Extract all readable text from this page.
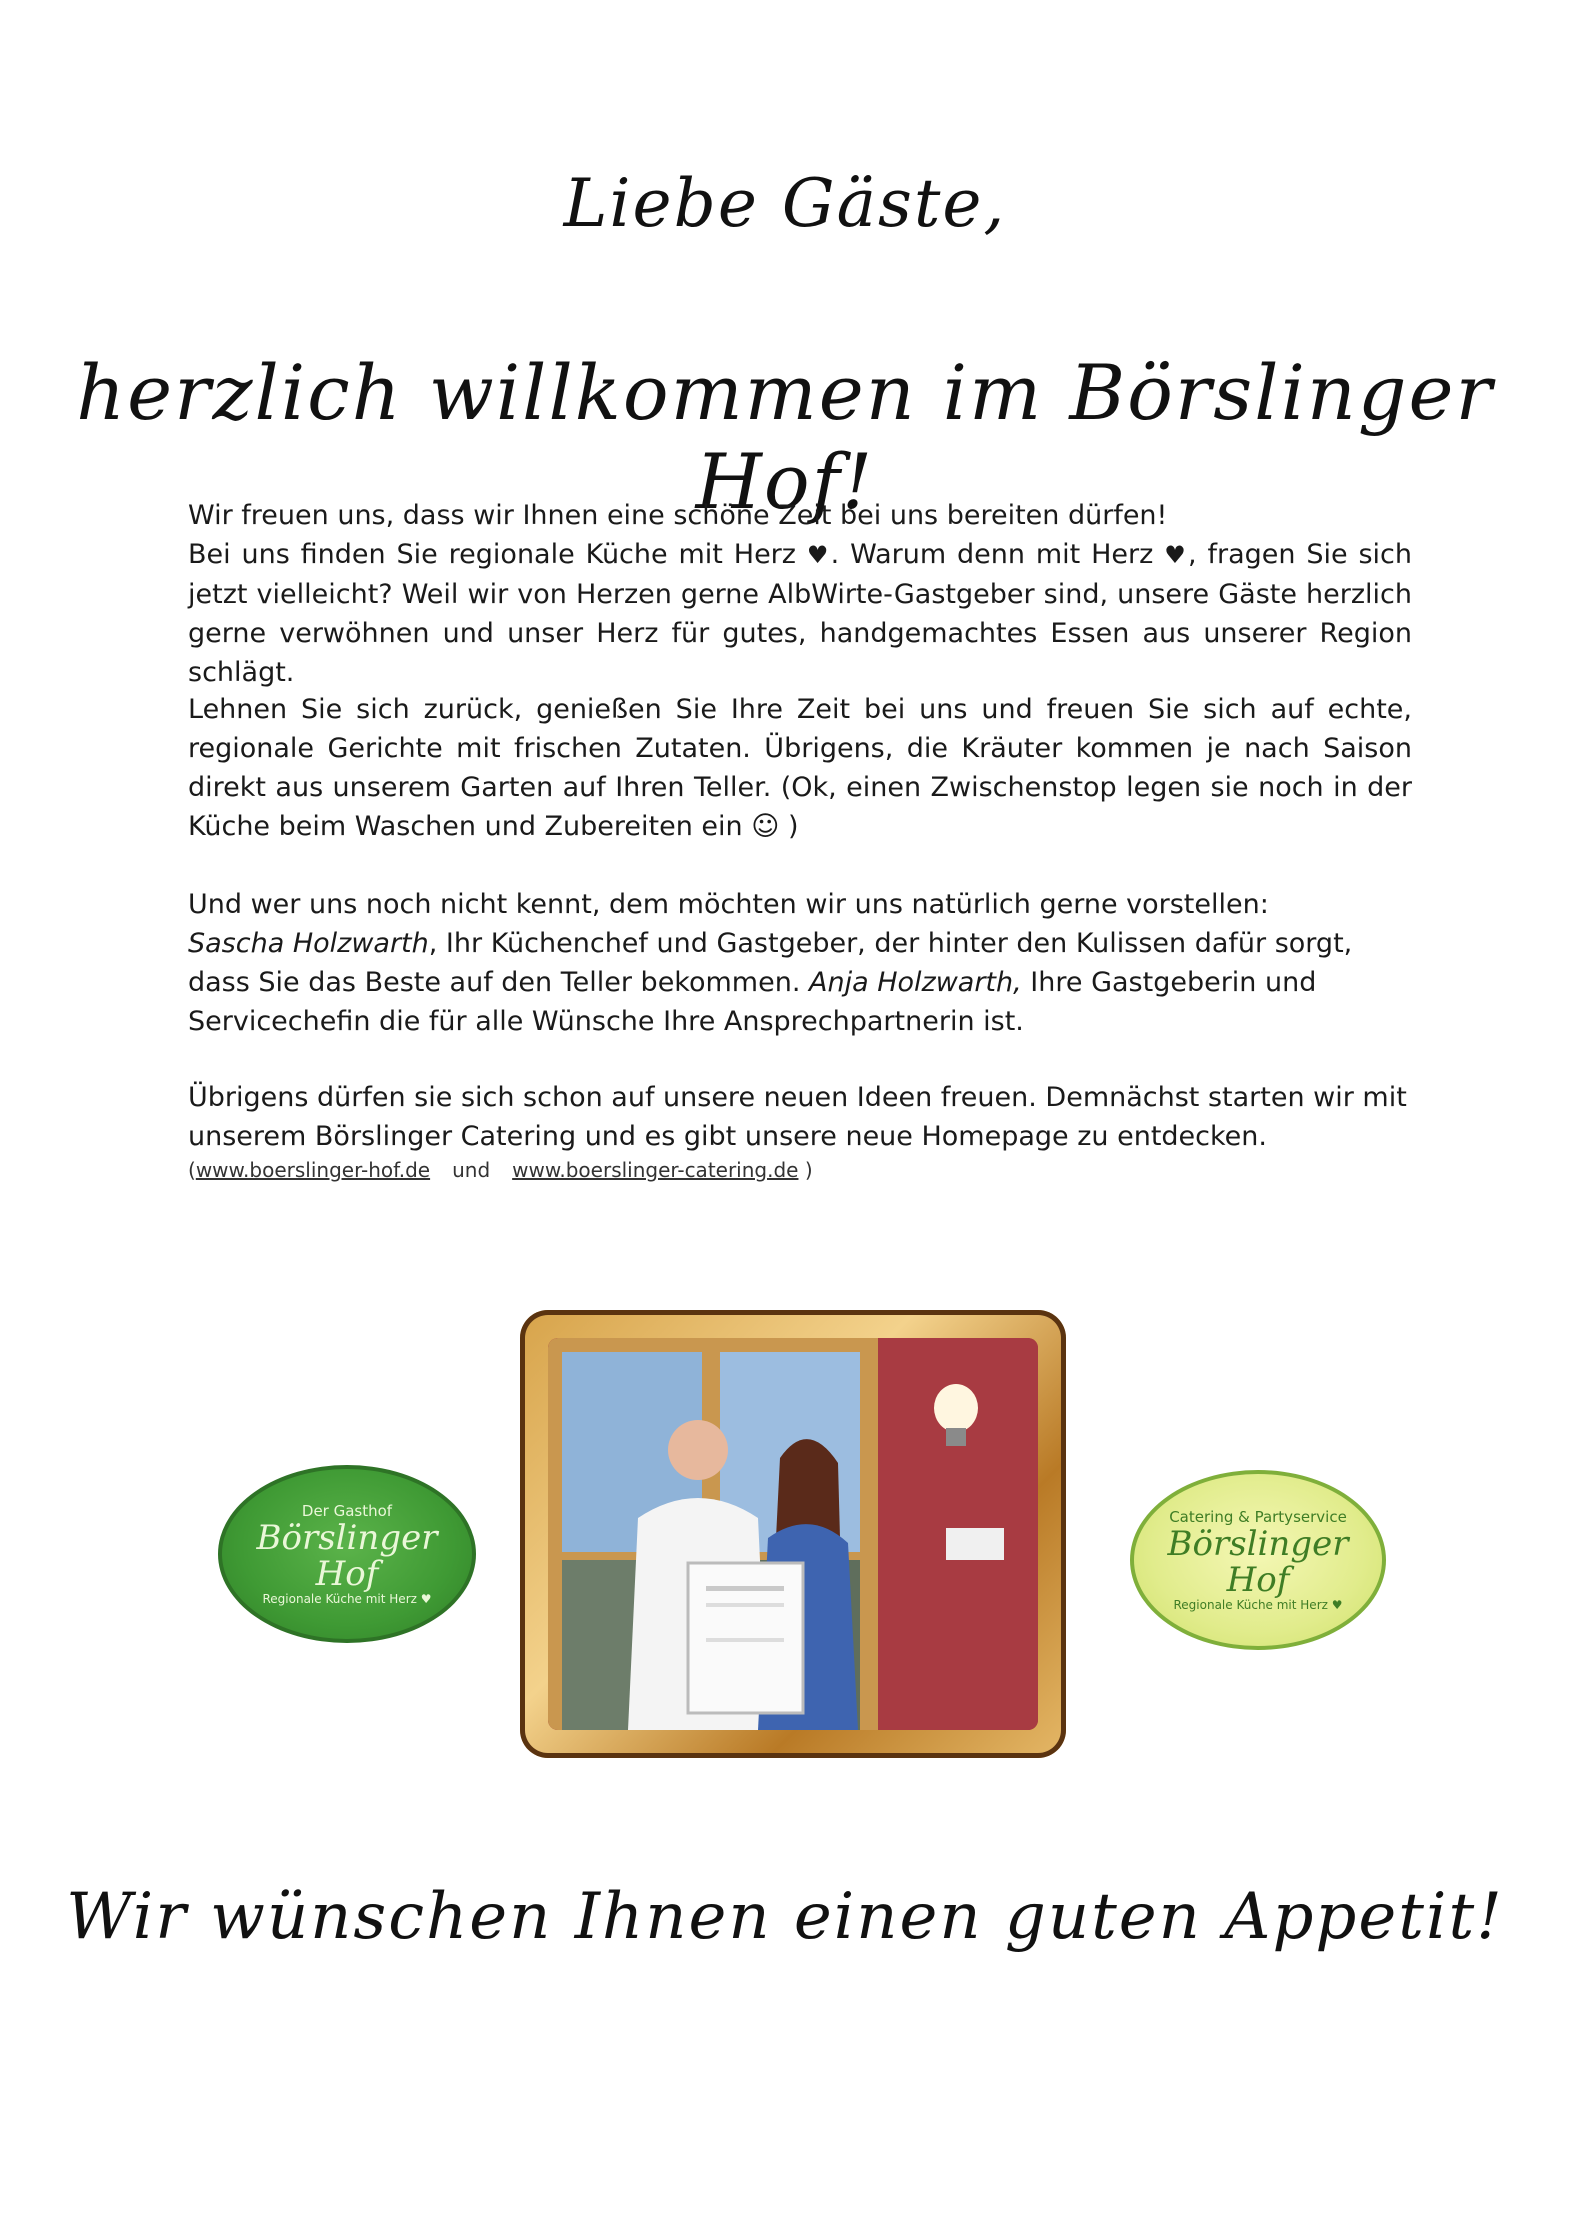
Liebe Gäste,
herzlich willkommen im Börslinger Hof!

Wir freuen uns, dass wir Ihnen eine schöne Zeit bei uns bereiten dürfen!

Bei uns finden Sie regionale Küche mit Herz ♥. Warum denn mit Herz ♥, fragen Sie sich jetzt vielleicht? Weil wir von Herzen gerne AlbWirte-Gastgeber sind, unsere Gäste herzlich gerne verwöhnen und unser Herz für gutes, handgemachtes Essen aus unserer Region schlägt.

Lehnen Sie sich zurück, genießen Sie Ihre Zeit bei uns und freuen Sie sich auf echte, regionale Gerichte mit frischen Zutaten. Übrigens, die Kräuter kommen je nach Saison direkt aus unserem Garten auf Ihren Teller. (Ok, einen Zwischenstop legen sie noch in der Küche beim Waschen und Zubereiten ein ☺ )

Und wer uns noch nicht kennt, dem möchten wir uns natürlich gerne vorstellen:

Sascha Holzwarth, Ihr Küchenchef und Gastgeber, der hinter den Kulissen dafür sorgt, dass Sie das Beste auf den Teller bekommen. Anja Holzwarth, Ihre Gastgeberin und Servicechefin die für alle Wünsche Ihre Ansprechpartnerin ist.

Übrigens dürfen sie sich schon auf unsere neuen Ideen freuen. Demnächst starten wir mit unserem Börslinger Catering und es gibt unsere neue Homepage zu entdecken.

(www.boerslinger-hof.de und www.boerslinger-catering.de )
Der Gasthof
Börslinger
Hof
Regionale Küche mit Herz ♥
Catering & Partyservice
Börslinger
Hof
Regionale Küche mit Herz ♥
Wir wünschen Ihnen einen guten Appetit!
